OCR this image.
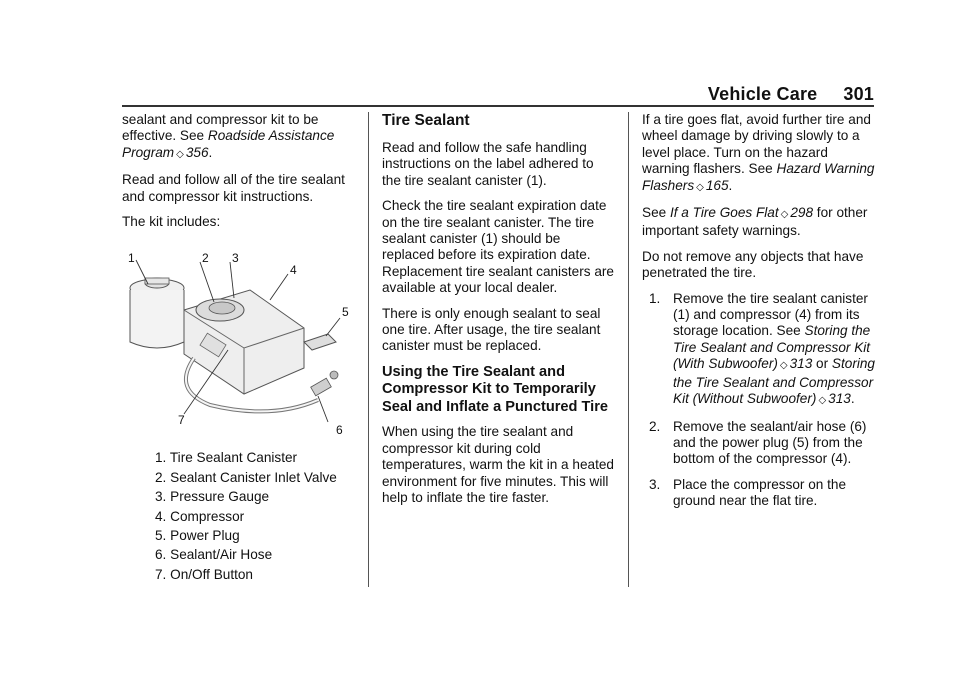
Vehicle Care 301

sealant and compressor kit to be effective. See Roadside Assistance Program ◇ 356.

Read and follow all of the tire sealant and compressor kit instructions.

The kit includes:

1	2 3
4
5
6
7
1. Tire Sealant Canister
2. Sealant Canister Inlet Valve
3. Pressure Gauge
4. Compressor
5. Power Plug
6. Sealant/Air Hose
7. On/Off Button
Tire Sealant

Read and follow the safe handling instructions on the label adhered to the tire sealant canister (1).

Check the tire sealant expiration date on the tire sealant canister. The tire sealant canister (1) should be replaced before its expiration date. Replacement tire sealant canisters are available at your local dealer.

There is only enough sealant to seal one tire. After usage, the tire sealant canister must be replaced.

Using the Tire Sealant and Compressor Kit to Temporarily Seal and Inflate a Punctured Tire

When using the tire sealant and compressor kit during cold temperatures, warm the kit in a heated environment for five minutes. This will help to inflate the tire faster.

If a tire goes flat, avoid further tire and wheel damage by driving slowly to a level place. Turn on the hazard warning flashers. See Hazard Warning Flashers ◇ 165.

See If a Tire Goes Flat ◇ 298 for other important safety warnings.

Do not remove any objects that have penetrated the tire.

1. Remove the tire sealant canister (1) and compressor (4) from its storage location. See Storing the Tire Sealant and Compressor Kit (With Subwoofer) ◇ 313 or Storing the Tire Sealant and Compressor Kit (Without Subwoofer) ◇ 313.
2. Remove the sealant/air hose (6) and the power plug (5) from the bottom of the compressor (4).
3. Place the compressor on the ground near the flat tire.
